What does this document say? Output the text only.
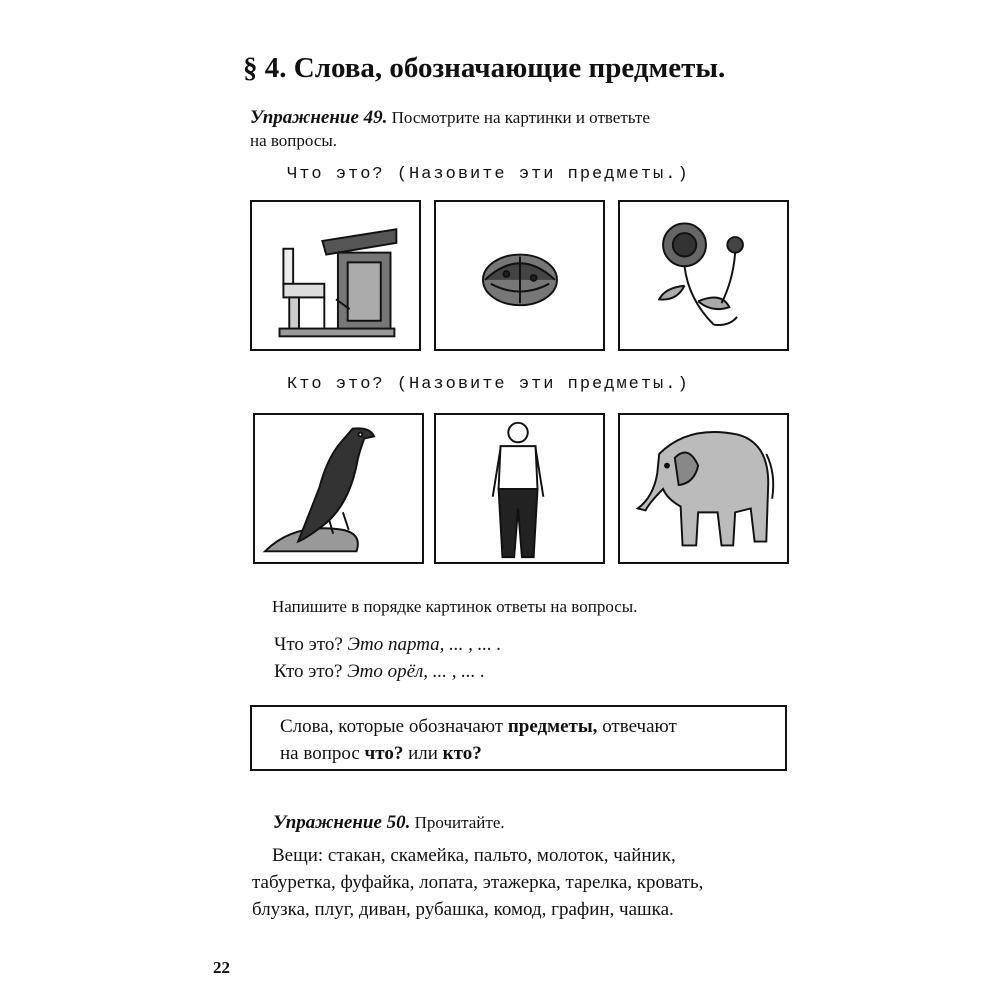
§ 4. Слова, обозначающие предметы.
Упражнение 49. Посмотрите на картинки и ответьте
на вопросы.
Что это? (Назовите эти предметы.)
Кто это? (Назовите эти предметы.)
Напишите в порядке картинок ответы на вопросы.
Что это? Это парта, ... , ... .
Кто это? Это орёл, ... , ... .
Слова, которые обозначают предметы, отвечают
на вопрос что? или кто?
Упражнение 50. Прочитайте.
Вещи: стакан, скамейка, пальто, молоток, чайник,
табуретка, фуфайка, лопата, этажерка, тарелка, кровать,
блузка, плуг, диван, рубашка, комод, графин, чашка.
22
